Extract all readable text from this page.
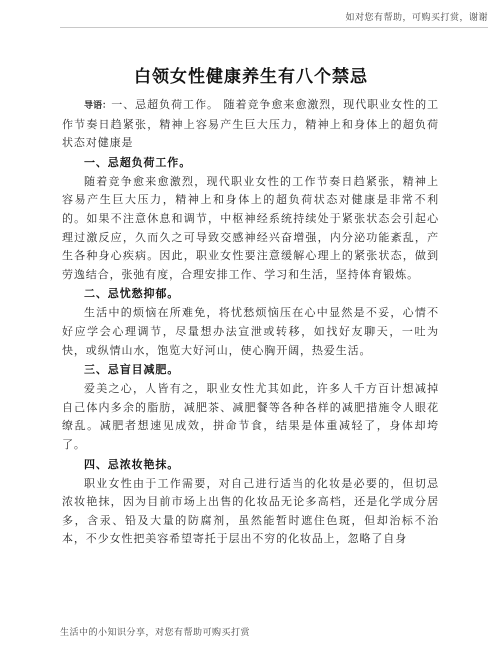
如对您有帮助，可购买打赏，谢谢
白领女性健康养生有八个禁忌

导语：一、忌超负荷工作。 随着竞争愈来愈激烈，现代职业女性的工作节奏日趋紧张，精神上容易产生巨大压力，精神上和身体上的超负荷状态对健康是

一、忌超负荷工作。

随着竞争愈来愈激烈，现代职业女性的工作节奏日趋紧张，精神上容易产生巨大压力，精神上和身体上的超负荷状态对健康是非常不利的。如果不注意休息和调节，中枢神经系统持续处于紧张状态会引起心理过激反应，久而久之可导致交感神经兴奋增强，内分泌功能紊乱，产生各种身心疾病。因此，职业女性要注意缓解心理上的紧张状态，做到劳逸结合，张弛有度，合理安排工作、学习和生活，坚持体育锻炼。

二、忌忧愁抑郁。

生活中的烦恼在所难免，将忧愁烦恼压在心中显然是不妥，心情不好应学会心理调节，尽量想办法宣泄或转移，如找好友聊天，一吐为快，或纵情山水，饱览大好河山，使心胸开阔，热爱生活。

三、忌盲目减肥。

爱美之心，人皆有之，职业女性尤其如此，许多人千方百计想减掉自己体内多余的脂肪，减肥茶、减肥餐等各种各样的减肥措施令人眼花缭乱。减肥者想速见成效，拼命节食，结果是体重减轻了，身体却垮了。

四、忌浓妆艳抹。

职业女性由于工作需要，对自己进行适当的化妆是必要的，但切忌浓妆艳抹，因为目前市场上出售的化妆品无论多高档，还是化学成分居多，含汞、铅及大量的防腐剂，虽然能暂时遮住色斑，但却治标不治本，不少女性把美容希望寄托于层出不穷的化妆品上，忽略了自身

生活中的小知识分享，对您有帮助可购买打赏
